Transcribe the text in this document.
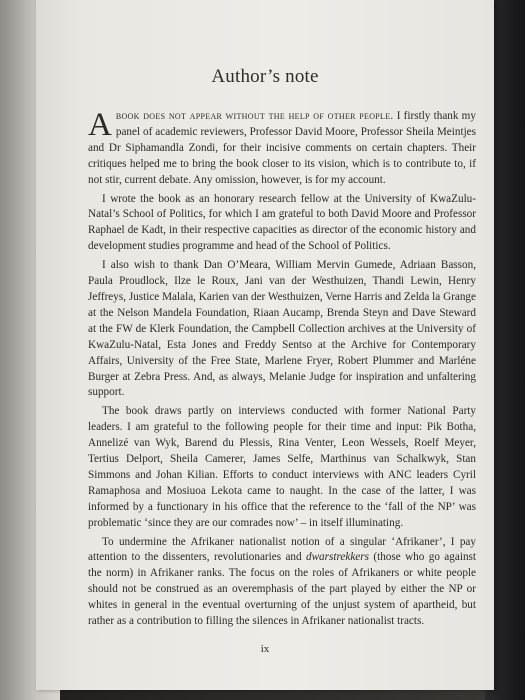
Author’s note

Abook does not appear without the help of other people. I firstly thank my panel of academic reviewers, Professor David Moore, Professor Sheila Meintjes and Dr Siphamandla Zondi, for their incisive comments on certain chapters. Their critiques helped me to bring the book closer to its vision, which is to contribute to, if not stir, current debate. Any omission, however, is for my account.

I wrote the book as an honorary research fellow at the University of KwaZulu-Natal’s School of Politics, for which I am grateful to both David Moore and Professor Raphael de Kadt, in their respective capacities as director of the economic history and development studies programme and head of the School of Politics.

I also wish to thank Dan O’Meara, William Mervin Gumede, Adriaan Basson, Paula Proudlock, Ilze le Roux, Jani van der Westhuizen, Thandi Lewin, Henry Jeffreys, Justice Malala, Karien van der Westhuizen, Verne Harris and Zelda la Grange at the Nelson Mandela Foundation, Riaan Aucamp, Brenda Steyn and Dave Steward at the FW de Klerk Foundation, the Campbell Collection archives at the University of KwaZulu-Natal, Esta Jones and Freddy Sentso at the Archive for Contemporary Affairs, University of the Free State, Marlene Fryer, Robert Plummer and Marléne Burger at Zebra Press. And, as always, Melanie Judge for inspiration and unfaltering support.

The book draws partly on interviews conducted with former National Party leaders. I am grateful to the following people for their time and input: Pik Botha, Annelizé van Wyk, Barend du Plessis, Rina Venter, Leon Wessels, Roelf Meyer, Tertius Delport, Sheila Camerer, James Selfe, Marthinus van Schalkwyk, Stan Simmons and Johan Kilian. Efforts to conduct interviews with ANC leaders Cyril Ramaphosa and Mosiuoa Lekota came to naught. In the case of the latter, I was informed by a functionary in his office that the reference to the ‘fall of the NP’ was problematic ‘since they are our comrades now’ – in itself illuminating.

To undermine the Afrikaner nationalist notion of a singular ‘Afrikaner’, I pay attention to the dissenters, revolutionaries and dwarstrekkers (those who go against the norm) in Afrikaner ranks. The focus on the roles of Afrikaners or white people should not be construed as an overemphasis of the part played by either the NP or whites in general in the eventual overturning of the unjust system of apartheid, but rather as a contribution to filling the silences in Afrikaner nationalist tracts.

ix
